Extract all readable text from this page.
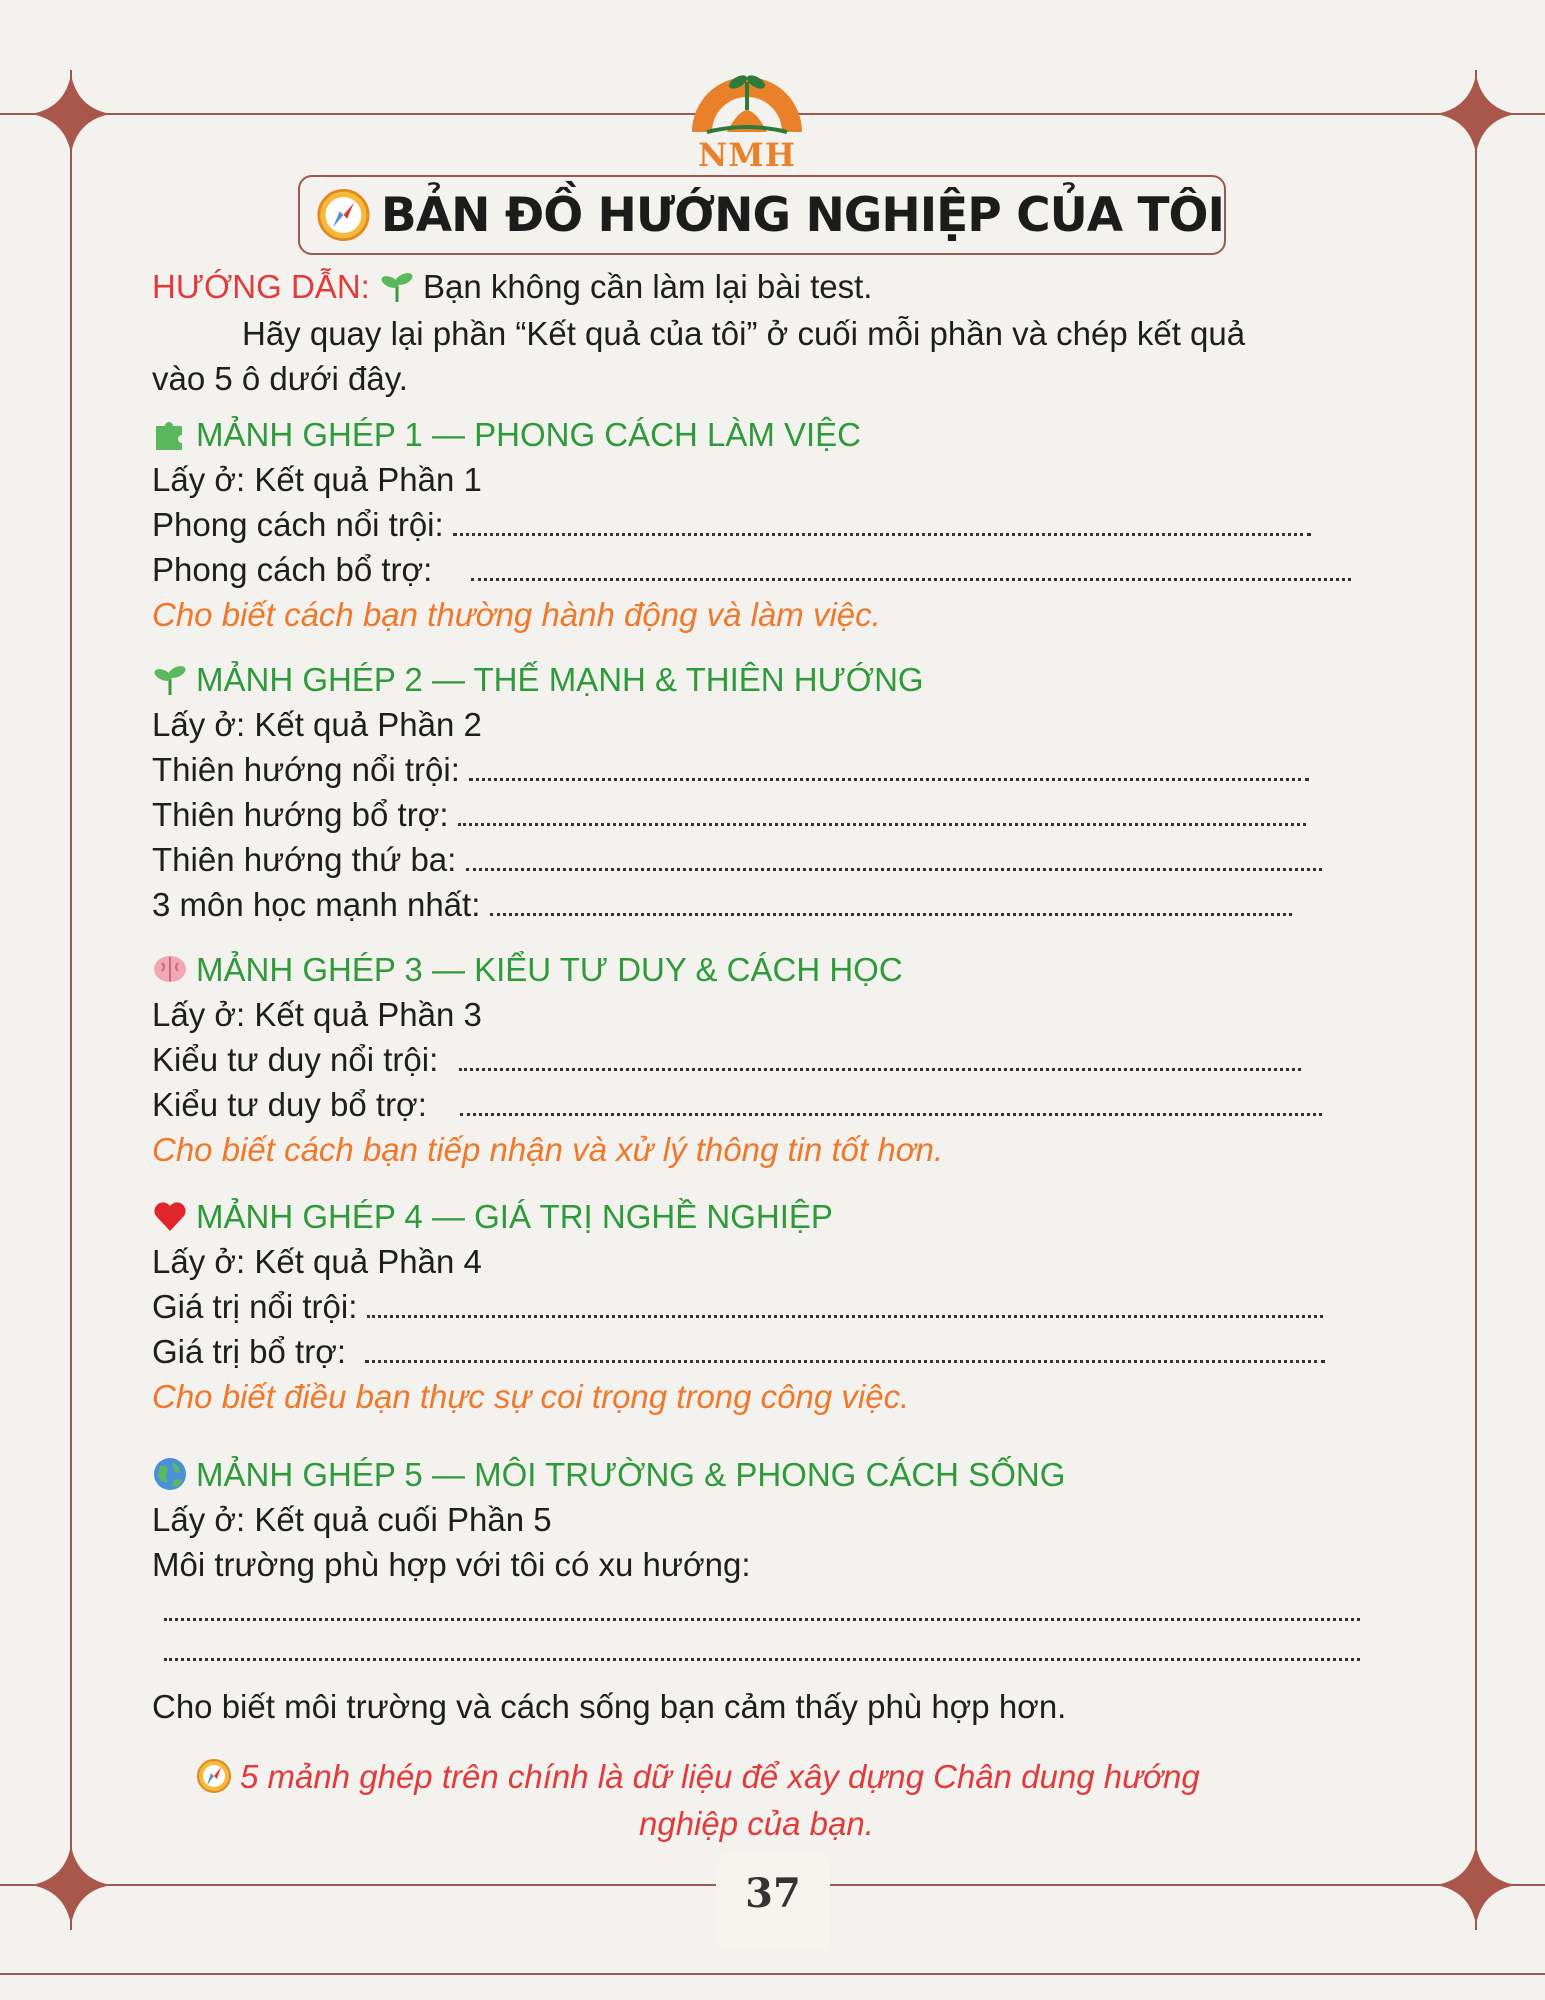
NMH
BẢN ĐỒ HƯỚNG NGHIỆP CỦA TÔI
HƯỚNG DẪN: Bạn không cần làm lại bài test.
Hãy quay lại phần “Kết quả của tôi” ở cuối mỗi phần và chép kết quả
vào 5 ô dưới đây.
MẢNH GHÉP 1 — PHONG CÁCH LÀM VIỆC
Lấy ở: Kết quả Phần 1
Phong cách nổi trội:
Phong cách bổ trợ:
Cho biết cách bạn thường hành động và làm việc.
MẢNH GHÉP 2 — THẾ MẠNH & THIÊN HƯỚNG
Lấy ở: Kết quả Phần 2
Thiên hướng nổi trội:
Thiên hướng bổ trợ:
Thiên hướng thứ ba:
3 môn học mạnh nhất:
MẢNH GHÉP 3 — KIỂU TƯ DUY & CÁCH HỌC
Lấy ở: Kết quả Phần 3
Kiểu tư duy nổi trội:
Kiểu tư duy bổ trợ:
Cho biết cách bạn tiếp nhận và xử lý thông tin tốt hơn.
MẢNH GHÉP 4 — GIÁ TRỊ NGHỀ NGHIỆP
Lấy ở: Kết quả Phần 4
Giá trị nổi trội:
Giá trị bổ trợ:
Cho biết điều bạn thực sự coi trọng trong công việc.
MẢNH GHÉP 5 — MÔI TRƯỜNG & PHONG CÁCH SỐNG
Lấy ở: Kết quả cuối Phần 5
Môi trường phù hợp với tôi có xu hướng:
Cho biết môi trường và cách sống bạn cảm thấy phù hợp hơn.
5 mảnh ghép trên chính là dữ liệu để xây dựng Chân dung hướng
nghiệp của bạn.
37
